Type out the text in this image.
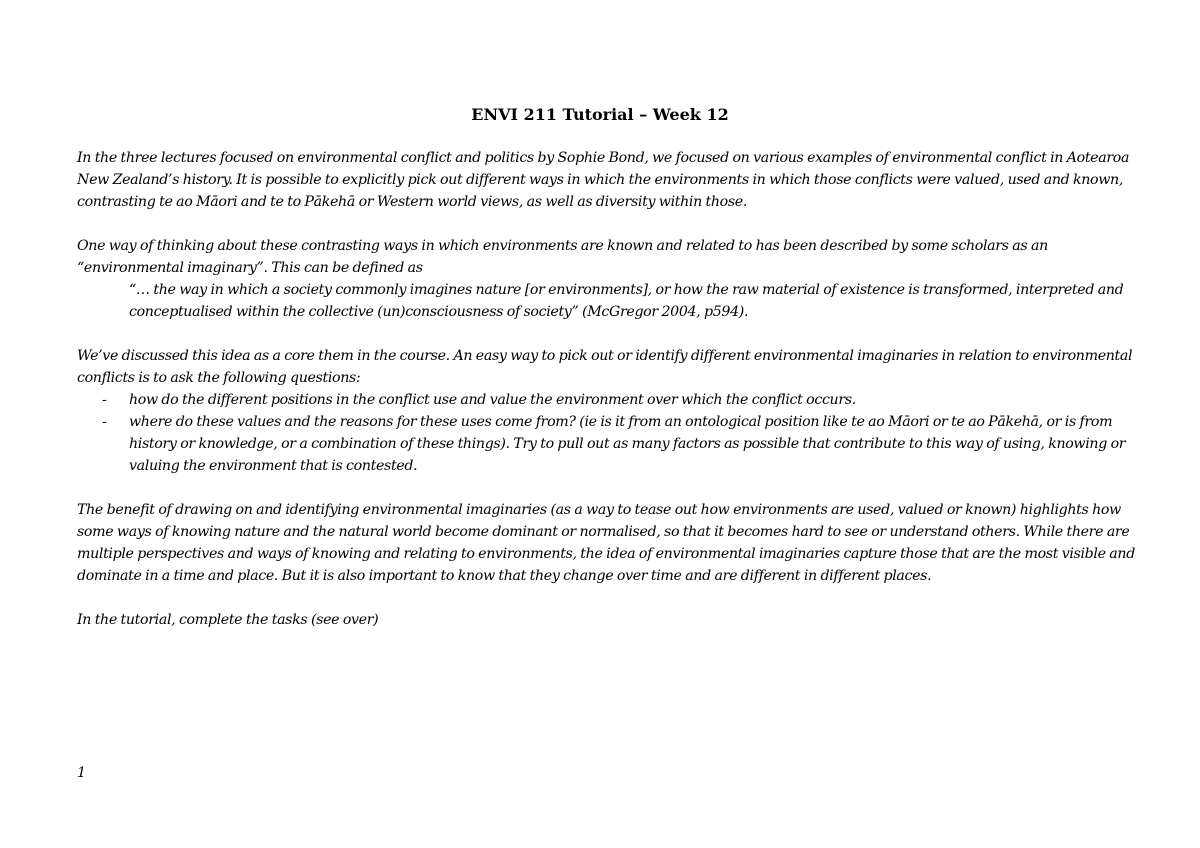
ENVI 211 Tutorial – Week 12

In the three lectures focused on environmental conflict and politics by Sophie Bond, we focused on various examples of environmental conflict in Aotearoa New Zealand’s history. It is possible to explicitly pick out different ways in which the environments in which those conflicts were valued, used and known, contrasting te ao Māori and te to Pākehā or Western world views, as well as diversity within those.

One way of thinking about these contrasting ways in which environments are known and related to has been described by some scholars as an “environmental imaginary”. This can be defined as

“… the way in which a society commonly imagines nature [or environments], or how the raw material of existence is transformed, interpreted and conceptualised within the collective (un)consciousness of society” (McGregor 2004, p594).

We’ve discussed this idea as a core them in the course. An easy way to pick out or identify different environmental imaginaries in relation to environmental conflicts is to ask the following questions:

- how do the different positions in the conflict use and value the environment over which the conflict occurs.
- where do these values and the reasons for these uses come from? (ie is it from an ontological position like te ao Māori or te ao Pākehā, or is from history or knowledge, or a combination of these things). Try to pull out as many factors as possible that contribute to this way of using, knowing or valuing the environment that is contested.

The benefit of drawing on and identifying environmental imaginaries (as a way to tease out how environments are used, valued or known) highlights how some ways of knowing nature and the natural world become dominant or normalised, so that it becomes hard to see or understand others. While there are multiple perspectives and ways of knowing and relating to environments, the idea of environmental imaginaries capture those that are the most visible and dominate in a time and place. But it is also important to know that they change over time and are different in different places.

In the tutorial, complete the tasks (see over)

1
